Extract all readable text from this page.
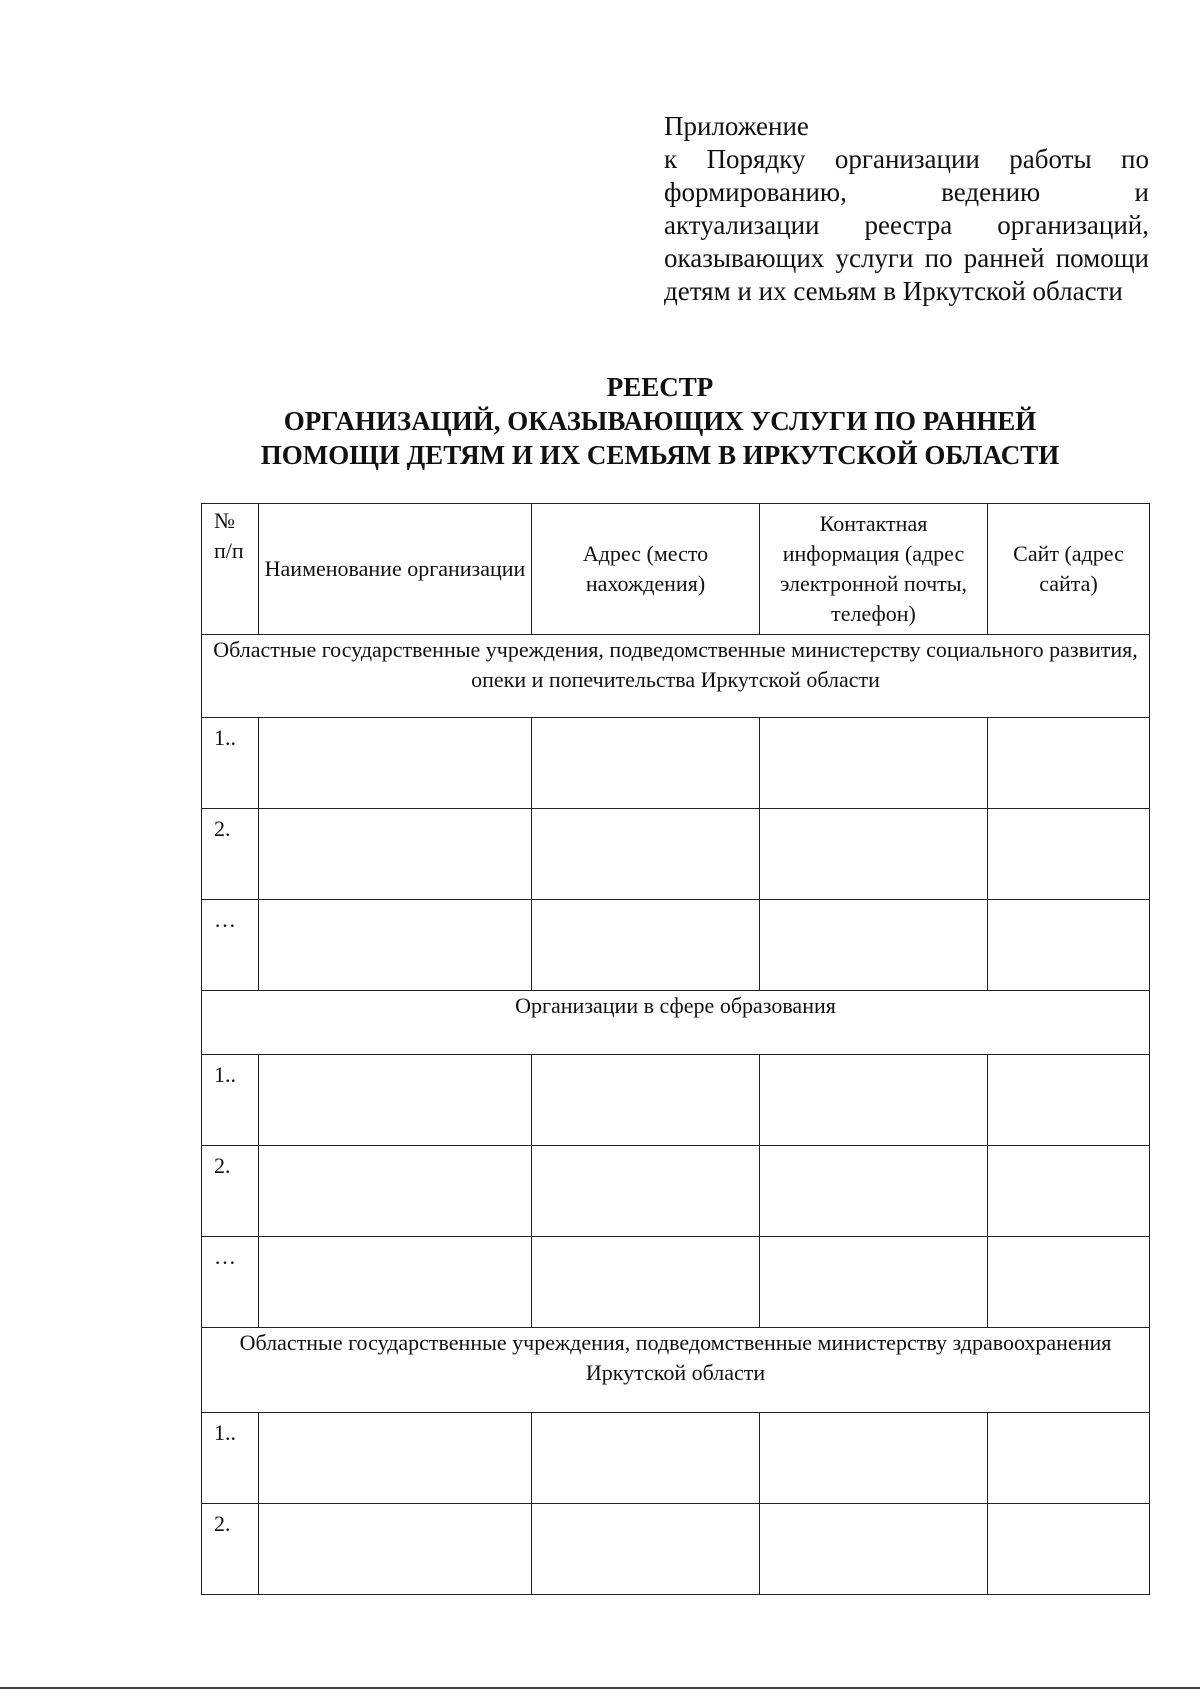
Приложение
к Порядку организации работы по
формированию, ведению и
актуализации реестра организаций,
оказывающих услуги по ранней помощи
детям и их семьям в Иркутской области
РЕЕСТР
ОРГАНИЗАЦИЙ, ОКАЗЫВАЮЩИХ УСЛУГИ ПО РАННЕЙ
ПОМОЩИ ДЕТЯМ И ИХ СЕМЬЯМ В ИРКУТСКОЙ ОБЛАСТИ
№ п/п	Наименование организации	Адрес (место нахождения)	Контактная информация (адрес электронной почты, телефон)	Сайт (адрес сайта)
Областные государственные учреждения, подведомственные министерству социального развития, опеки и попечительства Иркутской области				
1..				
2.				
…				
Организации в сфере образования				
1..				
2.				
…				
Областные государственные учреждения, подведомственные министерству здравоохранения Иркутской области				
1..				
2.				
